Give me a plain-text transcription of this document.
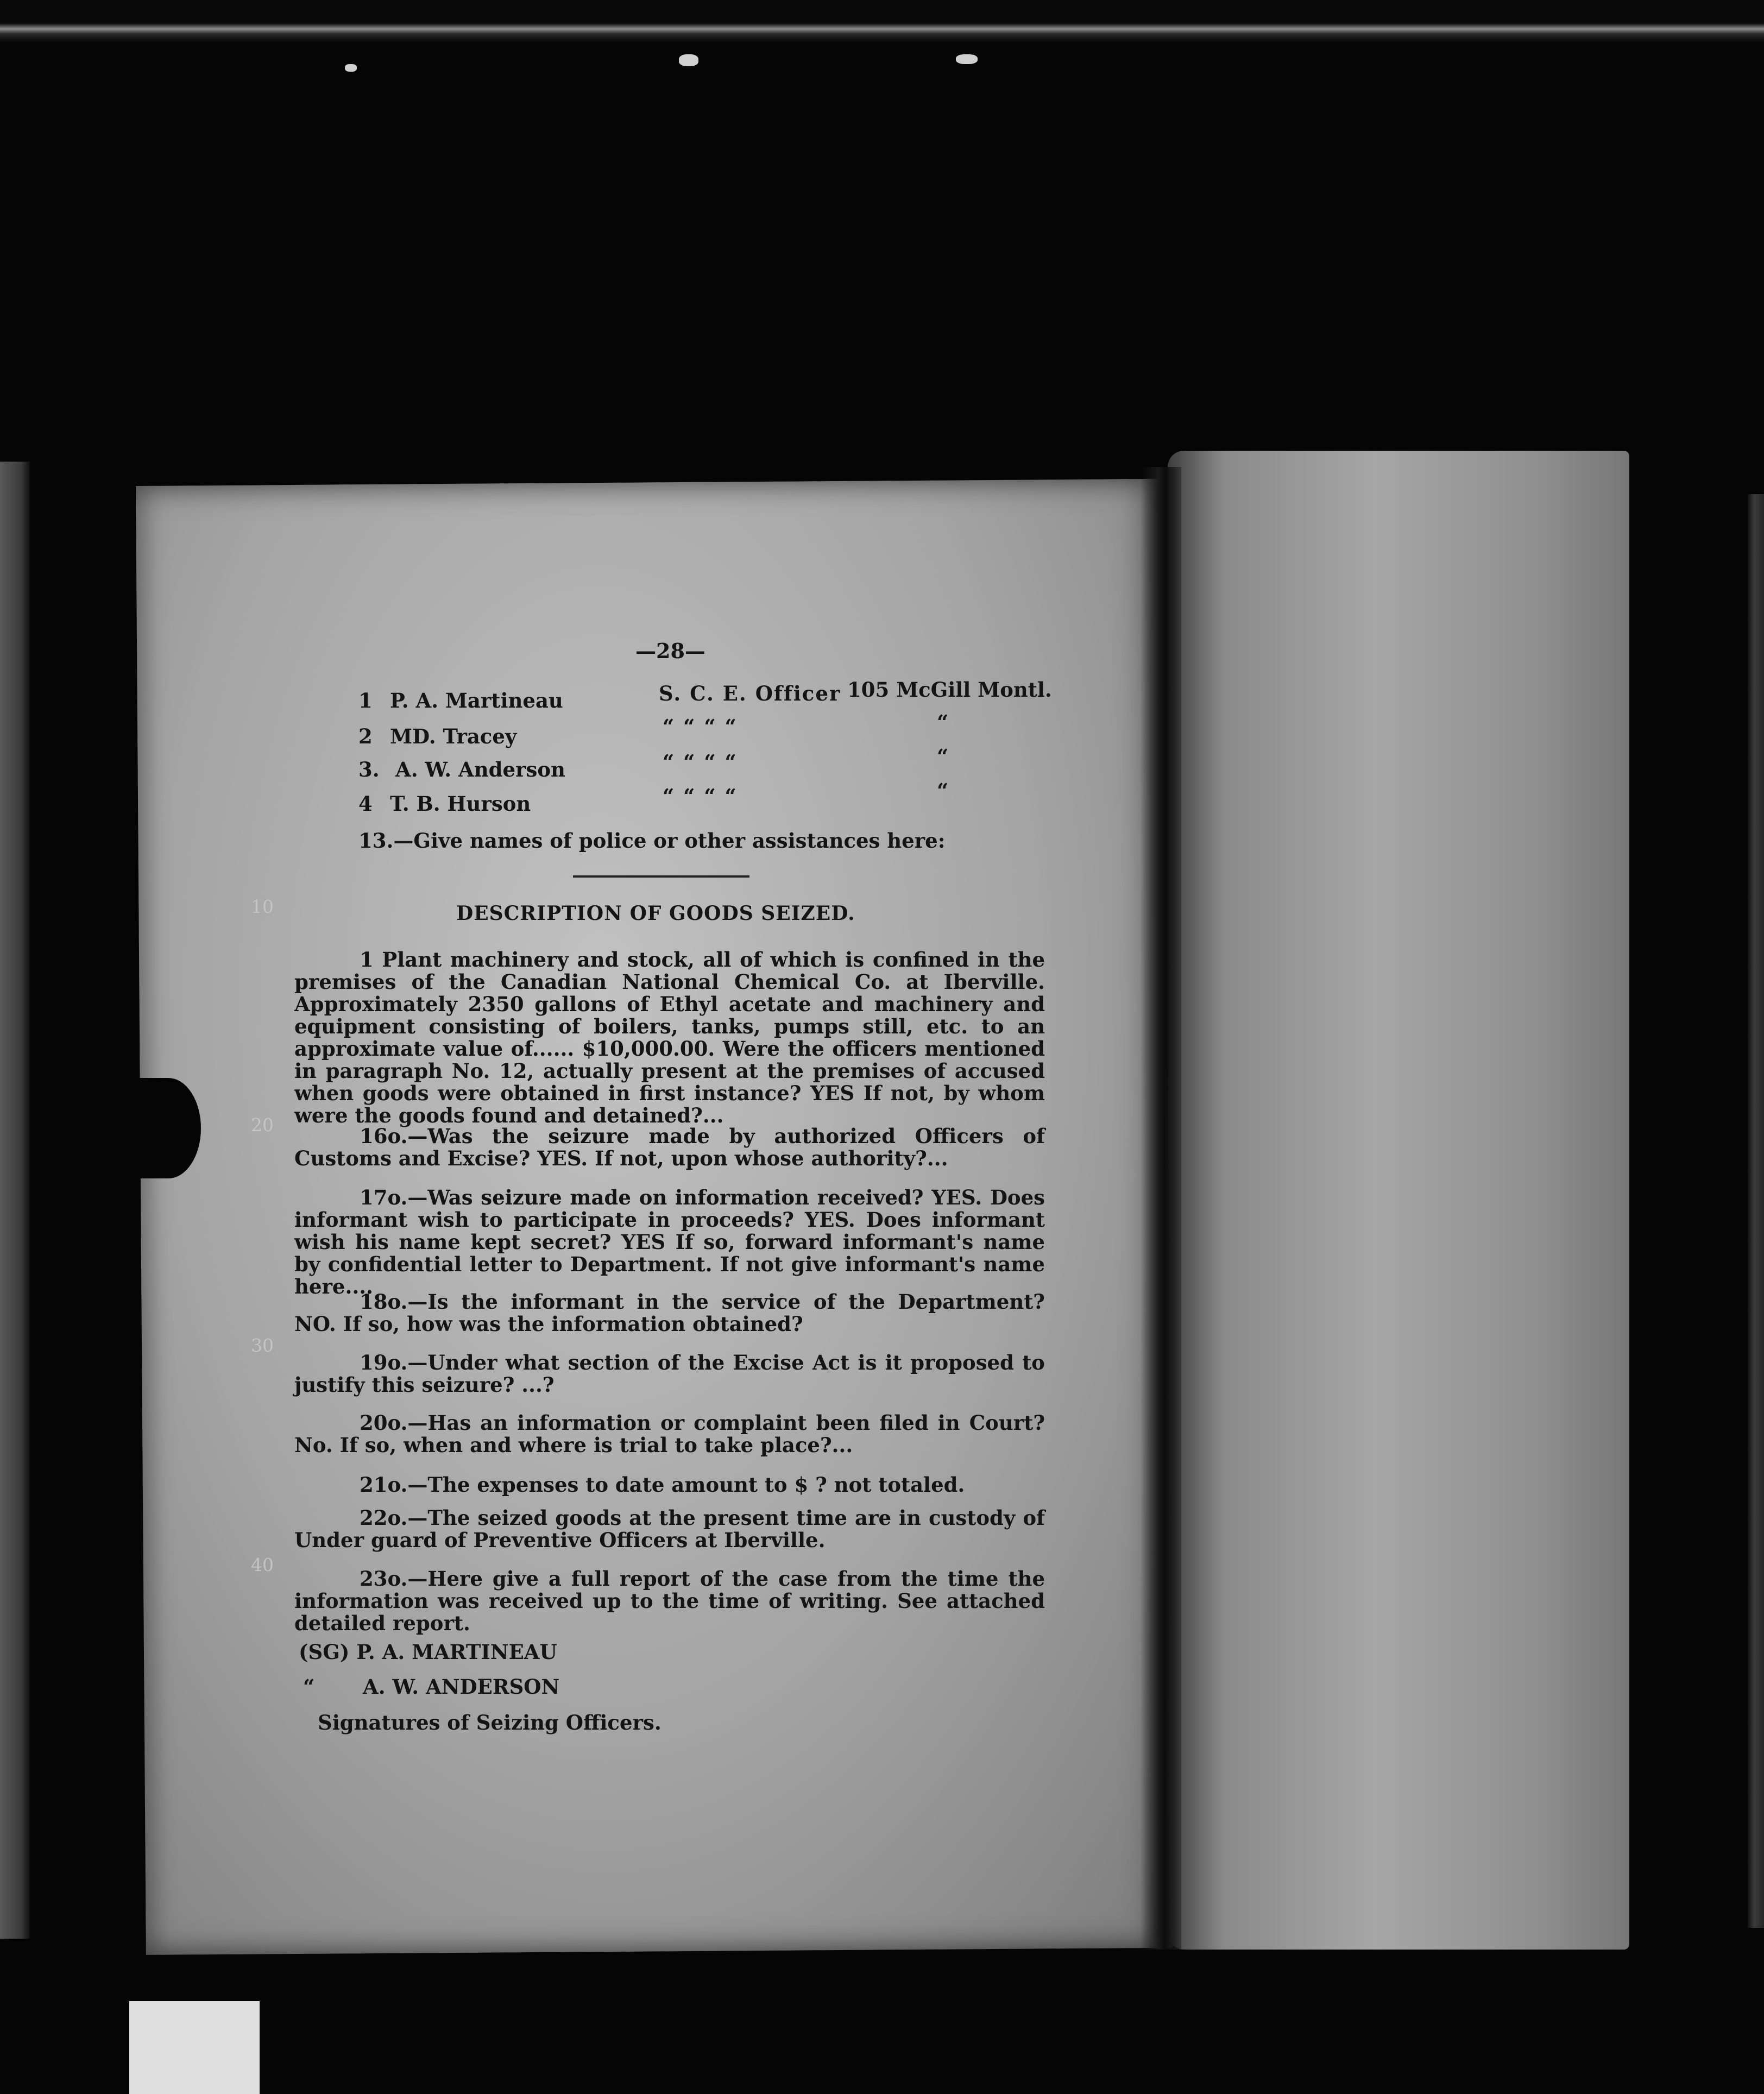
10
20
30
40
—28—
1 P. A. Martineau	S. C. E. Officer 105 McGill Montl.
2 MD. Tracey	“ “ “ “	“
3. A. W. Anderson	“ “ “ “	“
4 T. B. Hurson	“ “ “ “	“
13.—Give names of police or other assistances here:
DESCRIPTION OF GOODS SEIZED.

1 Plant machinery and stock, all of which is confined in the premises of the Canadian National Chemical Co. at Iberville. Approximately 2350 gallons of Ethyl acetate and machinery and equipment consisting of boilers, tanks, pumps still, etc. to an approximate value of...... $10,000.00. Were the officers mentioned in paragraph No. 12, actually present at the premises of accused when goods were obtained in first instance? YES If not, by whom were the goods found and detained?...

16o.—Was the seizure made by authorized Officers of Customs and Excise? YES. If not, upon whose authority?...

17o.—Was seizure made on information received? YES. Does informant wish to participate in proceeds? YES. Does informant wish his name kept secret? YES If so, forward informant's name by confidential letter to Department. If not give informant's name here....

18o.—Is the informant in the service of the Department? NO. If so, how was the information obtained?

19o.—Under what section of the Excise Act is it proposed to justify this seizure? ...?

20o.—Has an information or complaint been filed in Court? No. If so, when and where is trial to take place?...

21o.—The expenses to date amount to $ ? not totaled.

22o.—The seized goods at the present time are in custody of Under guard of Preventive Officers at Iberville.

23o.—Here give a full report of the case from the time the information was received up to the time of writing. See attached detailed report.

(SG) P. A. MARTINEAU
“ A. W. ANDERSON
Signatures of Seizing Officers.
